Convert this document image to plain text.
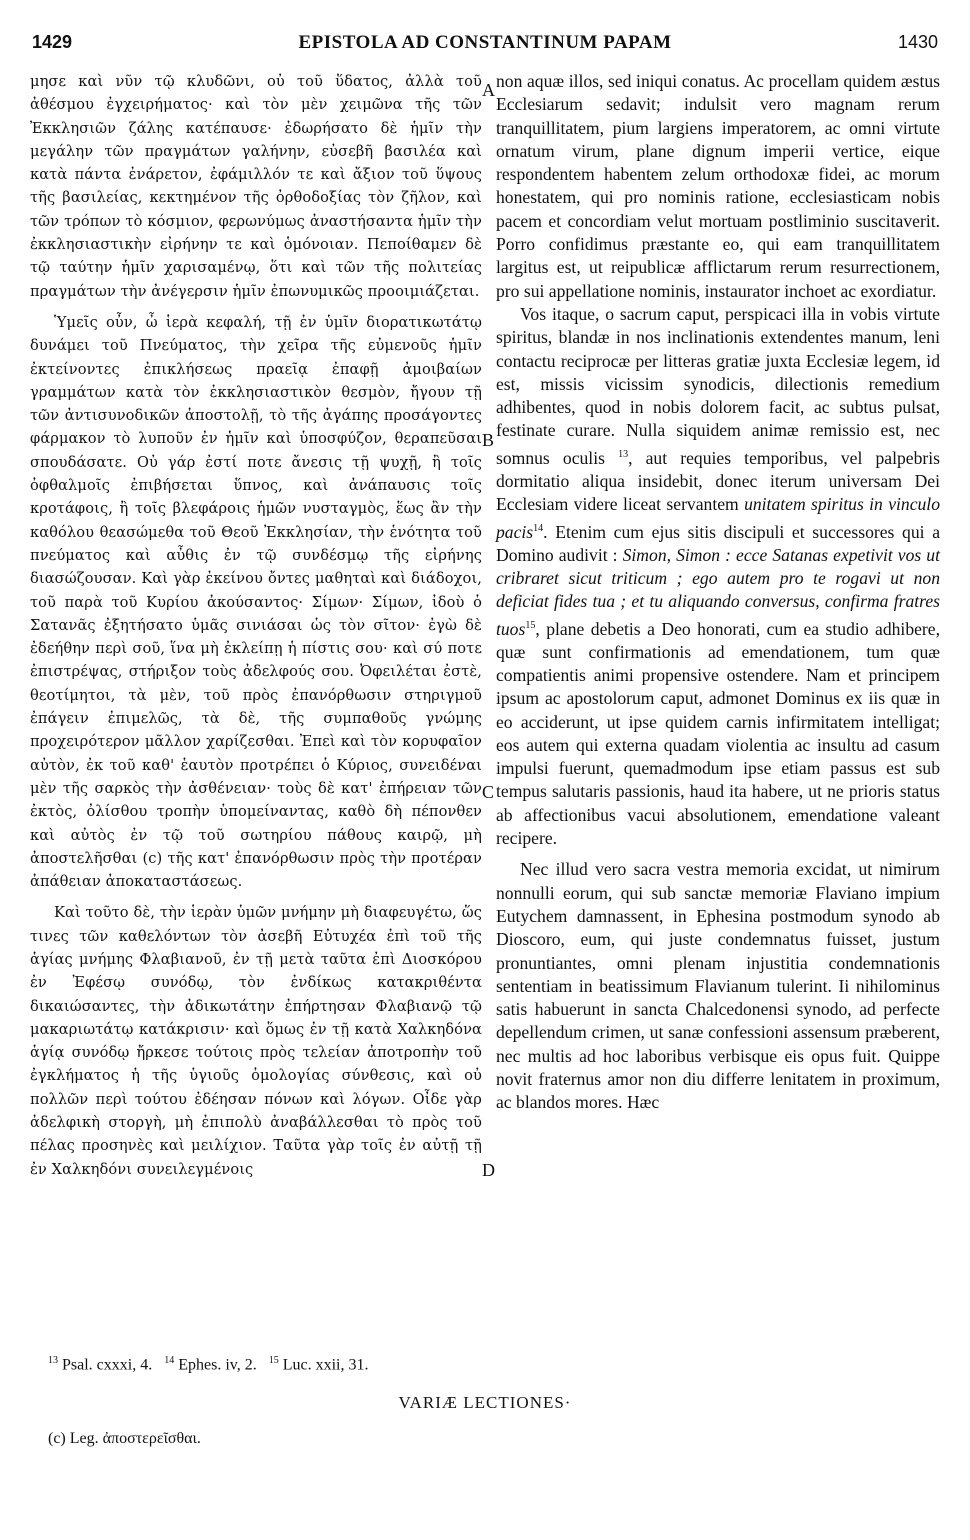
1429	EPISTOLA AD CONSTANTINUM PAPAM	1430

μησε καὶ νῦν τῷ κλυδῶνι, οὐ τοῦ ὕδατος, ἀλλὰ τοῦ ἀθέσμου ἐγχειρήματος· καὶ τὸν μὲν χειμῶνα τῆς τῶν Ἐκκλησιῶν ζάλης κατέπαυσε· ἐδωρήσατο δὲ ἡμῖν τὴν μεγάλην τῶν πραγμάτων γαλήνην, εὐσεβῆ βασιλέα καὶ κατὰ πάντα ἐνάρετον, ἐφάμιλλόν τε καὶ ἄξιον τοῦ ὕψους τῆς βασιλείας, κεκτημένον τῆς ὀρθοδοξίας τὸν ζῆλον, καὶ τῶν τρόπων τὸ κόσμιον, φερωνύμως ἀναστήσαντα ἡμῖν τὴν ἐκκλησιαστικὴν εἰρήνην τε καὶ ὁμόνοιαν. Πεποίθαμεν δὲ τῷ ταύτην ἡμῖν χαρισαμένῳ, ὅτι καὶ τῶν τῆς πολιτείας πραγμάτων τὴν ἀνέγερσιν ἡμῖν ἐπωνυμικῶς προοιμιάζεται.

Ὑμεῖς οὖν, ὦ ἱερὰ κεφαλή, τῇ ἐν ὑμῖν διορατικωτάτῳ δυνάμει τοῦ Πνεύματος, τὴν χεῖρα τῆς εὐμενοῦς ἡμῖν ἐκτείνοντες ἐπικλήσεως πραεῖᾳ ἐπαφῇ ἀμοιβαίων γραμμάτων κατὰ τὸν ἐκκλησιαστικὸν θεσμὸν, ἤγουν τῇ τῶν ἀντισυνοδικῶν ἀποστολῇ, τὸ τῆς ἀγάπης προσάγοντες φάρμακον τὸ λυποῦν ἐν ἡμῖν καὶ ὑποσφύζον, θεραπεῦσαι σπουδάσατε. Οὐ γάρ ἐστί ποτε ἄνεσις τῇ ψυχῇ, ἢ τοῖς ὀφθαλμοῖς ἐπιβήσεται ὕπνος, καὶ ἀνάπαυσις τοῖς κροτάφοις, ἢ τοῖς βλεφάροις ἡμῶν νυσταγμὸς, ἕως ἂν τὴν καθόλου θεασώμεθα τοῦ Θεοῦ Ἐκκλησίαν, τὴν ἑνότητα τοῦ πνεύματος καὶ αὖθις ἐν τῷ συνδέσμῳ τῆς εἰρήνης διασώζουσαν. Καὶ γὰρ ἐκείνου ὄντες μαθηταὶ καὶ διάδοχοι, τοῦ παρὰ τοῦ Κυρίου ἀκούσαντος· Σίμων· Σίμων, ἰδοὺ ὁ Σατανᾶς ἐξητήσατο ὑμᾶς σινιάσαι ὡς τὸν σῖτον· ἐγὼ δὲ ἐδεήθην περὶ σοῦ, ἵνα μὴ ἐκλείπῃ ἡ πίστις σου· καὶ σύ ποτε ἐπιστρέψας, στήριξον τοὺς ἀδελφούς σου. Ὀφειλέται ἐστὲ, θεοτίμητοι, τὰ μὲν, τοῦ πρὸς ἐπανόρθωσιν στηριγμοῦ ἐπάγειν ἐπιμελῶς, τὰ δὲ, τῆς συμπαθοῦς γνώμης προχειρότερον μᾶλλον χαρίζεσθαι. Ἐπεὶ καὶ τὸν κορυφαῖον αὐτὸν, ἐκ τοῦ καθ' ἑαυτὸν προτρέπει ὁ Κύριος, συνειδέναι μὲν τῆς σαρκὸς τὴν ἀσθένειαν· τοὺς δὲ κατ' ἐπήρειαν τῶν ἐκτὸς, ὀλίσθου τροπὴν ὑπομείναντας, καθὸ δὴ πέπονθεν καὶ αὐτὸς ἐν τῷ τοῦ σωτηρίου πάθους καιρῷ, μὴ ἀποστελῆσθαι (c) τῆς κατ' ἐπανόρθωσιν πρὸς τὴν προτέραν ἀπάθειαν ἀποκαταστάσεως.

Καὶ τοῦτο δὲ, τὴν ἱερὰν ὑμῶν μνήμην μὴ διαφευγέτω, ὥς τινες τῶν καθελόντων τὸν ἀσεβῆ Εὐτυχέα ἐπὶ τοῦ τῆς ἁγίας μνήμης Φλαβιανοῦ, ἐν τῇ μετὰ ταῦτα ἐπὶ Διοσκόρου ἐν Ἐφέσῳ συνόδῳ, τὸν ἐνδίκως κατακριθέντα δικαιώσαντες, τὴν ἀδικωτάτην ἐπήρτησαν Φλαβιανῷ τῷ μακαριωτάτῳ κατάκρισιν· καὶ ὅμως ἐν τῇ κατὰ Χαλκηδόνα ἁγίᾳ συνόδῳ ἤρκεσε τούτοις πρὸς τελείαν ἀποτροπὴν τοῦ ἐγκλήματος ἡ τῆς ὑγιοῦς ὁμολογίας σύνθεσις, καὶ οὐ πολλῶν περὶ τούτου ἐδέησαν πόνων καὶ λόγων. Οἶδε γὰρ ἀδελφικὴ στοργὴ, μὴ ἐπιπολὺ ἀναβάλλεσθαι τὸ πρὸς τοῦ πέλας προσηνὲς καὶ μειλίχιον. Ταῦτα γὰρ τοῖς ἐν αὐτῇ τῇ ἐν Χαλκηδόνι συνειλεγμένοις

A
B
C
D

non aquæ illos, sed iniqui conatus. Ac procellam quidem æstus Ecclesiarum sedavit; indulsit vero magnam rerum tranquillitatem, pium largiens imperatorem, ac omni virtute ornatum virum, plane dignum imperii vertice, eique respondentem habentem zelum orthodoxæ fidei, ac morum honestatem, qui pro nominis ratione, ecclesiasticam nobis pacem et concordiam velut mortuam postliminio suscitaverit. Porro confidimus præstante eo, qui eam tranquillitatem largitus est, ut reipublicæ afflictarum rerum resurrectionem, pro sui appellatione nominis, instaurator inchoet ac exordiatur.

Vos itaque, o sacrum caput, perspicaci illa in vobis virtute spiritus, blandæ in nos inclinationis extendentes manum, leni contactu reciprocæ per litteras gratiæ juxta Ecclesiæ legem, id est, missis vicissim synodicis, dilectionis remedium adhibentes, quod in nobis dolorem facit, ac subtus pulsat, festinate curare. Nulla siquidem animæ remissio est, nec somnus oculis $^{13}$, aut requies temporibus, vel palpebris dormitatio aliqua insidebit, donec iterum universam Dei Ecclesiam videre liceat servantem unitatem spiritus in vinculo pacis$^{14}$. Etenim cum ejus sitis discipuli et successores qui a Domino audivit : Simon, Simon : ecce Satanas expetivit vos ut cribraret sicut triticum ; ego autem pro te rogavi ut non deficiat fides tua ; et tu aliquando conversus, confirma fratres tuos$^{15}$, plane debetis a Deo honorati, cum ea studio adhibere, quæ sunt confirmationis ad emendationem, tum quæ compatientis animi propensive ostendere. Nam et principem ipsum ac apostolorum caput, admonet Dominus ex iis quæ in eo acciderunt, ut ipse quidem carnis infirmitatem intelligat; eos autem qui externa quadam violentia ac insultu ad casum impulsi fuerunt, quemadmodum ipse etiam passus est sub tempus salutaris passionis, haud ita habere, ut ne prioris status ab affectionibus vacui absolutionem, emendatione valeant recipere.

Nec illud vero sacra vestra memoria excidat, ut nimirum nonnulli eorum, qui sub sanctæ memoriæ Flaviano impium Eutychem damnassent, in Ephesina postmodum synodo ab Dioscoro, eum, qui juste condemnatus fuisset, justum pronuntiantes, omni plenam injustitia condemnationis sententiam in beatissimum Flavianum tulerint. Ii nihilominus satis habuerunt in sancta Chalcedonensi synodo, ad perfecte depellendum crimen, ut sanæ confessioni assensum præberent, nec multis ad hoc laboribus verbisque eis opus fuit. Quippe novit fraternus amor non diu differre lenitatem in proximum, ac blandos mores. Hæc

$^{13}$ Psal. cxxxi, 4. $^{14}$ Ephes. iv, 2. $^{15}$ Luc. xxii, 31.
VARIÆ LECTIONES·
(c) Leg. ἀποστερεῖσθαι.
